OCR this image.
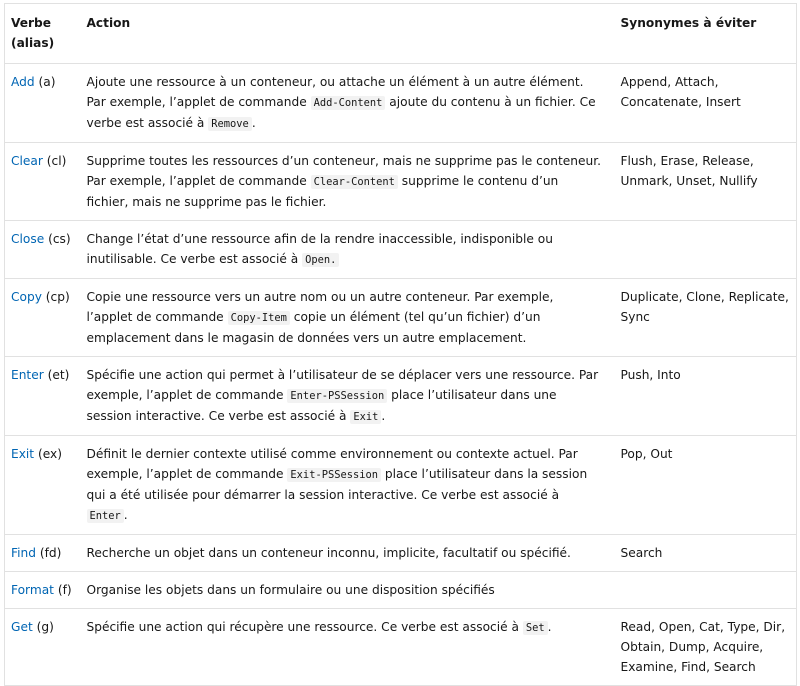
Verbe (alias)	Action	Synonymes à éviter
Add (a)	Ajoute une ressource à un conteneur, ou attache un élément à un autre élément. Par exemple, l’applet de commande Add-Content ajoute du contenu à un fichier. Ce verbe est associé à Remove .	Append, Attach, Concatenate, Insert
Clear (cl)	Supprime toutes les ressources d’un conteneur, mais ne supprime pas le conteneur. Par exemple, l’applet de commande Clear-Content supprime le contenu d’un fichier, mais ne supprime pas le fichier.	Flush, Erase, Release, Unmark, Unset, Nullify
Close (cs)	Change l’état d’une ressource afin de la rendre inaccessible, indisponible ou inutilisable. Ce verbe est associé à Open.	
Copy (cp)	Copie une ressource vers un autre nom ou un autre conteneur. Par exemple, l’applet de commande Copy-Item copie un élément (tel qu’un fichier) d’un emplacement dans le magasin de données vers un autre emplacement.	Duplicate, Clone, Replicate, Sync
Enter (et)	Spécifie une action qui permet à l’utilisateur de se déplacer vers une ressource. Par exemple, l’applet de commande Enter-PSSession place l’utilisateur dans une session interactive. Ce verbe est associé à Exit .	Push, Into
Exit (ex)	Définit le dernier contexte utilisé comme environnement ou contexte actuel. Par exemple, l’applet de commande Exit-PSSession place l’utilisateur dans la session qui a été utilisée pour démarrer la session interactive. Ce verbe est associé à Enter .	Pop, Out
Find (fd)	Recherche un objet dans un conteneur inconnu, implicite, facultatif ou spécifié.	Search
Format (f)	Organise les objets dans un formulaire ou une disposition spécifiés	
Get (g)	Spécifie une action qui récupère une ressource. Ce verbe est associé à Set .	Read, Open, Cat, Type, Dir, Obtain, Dump, Acquire, Examine, Find, Search
